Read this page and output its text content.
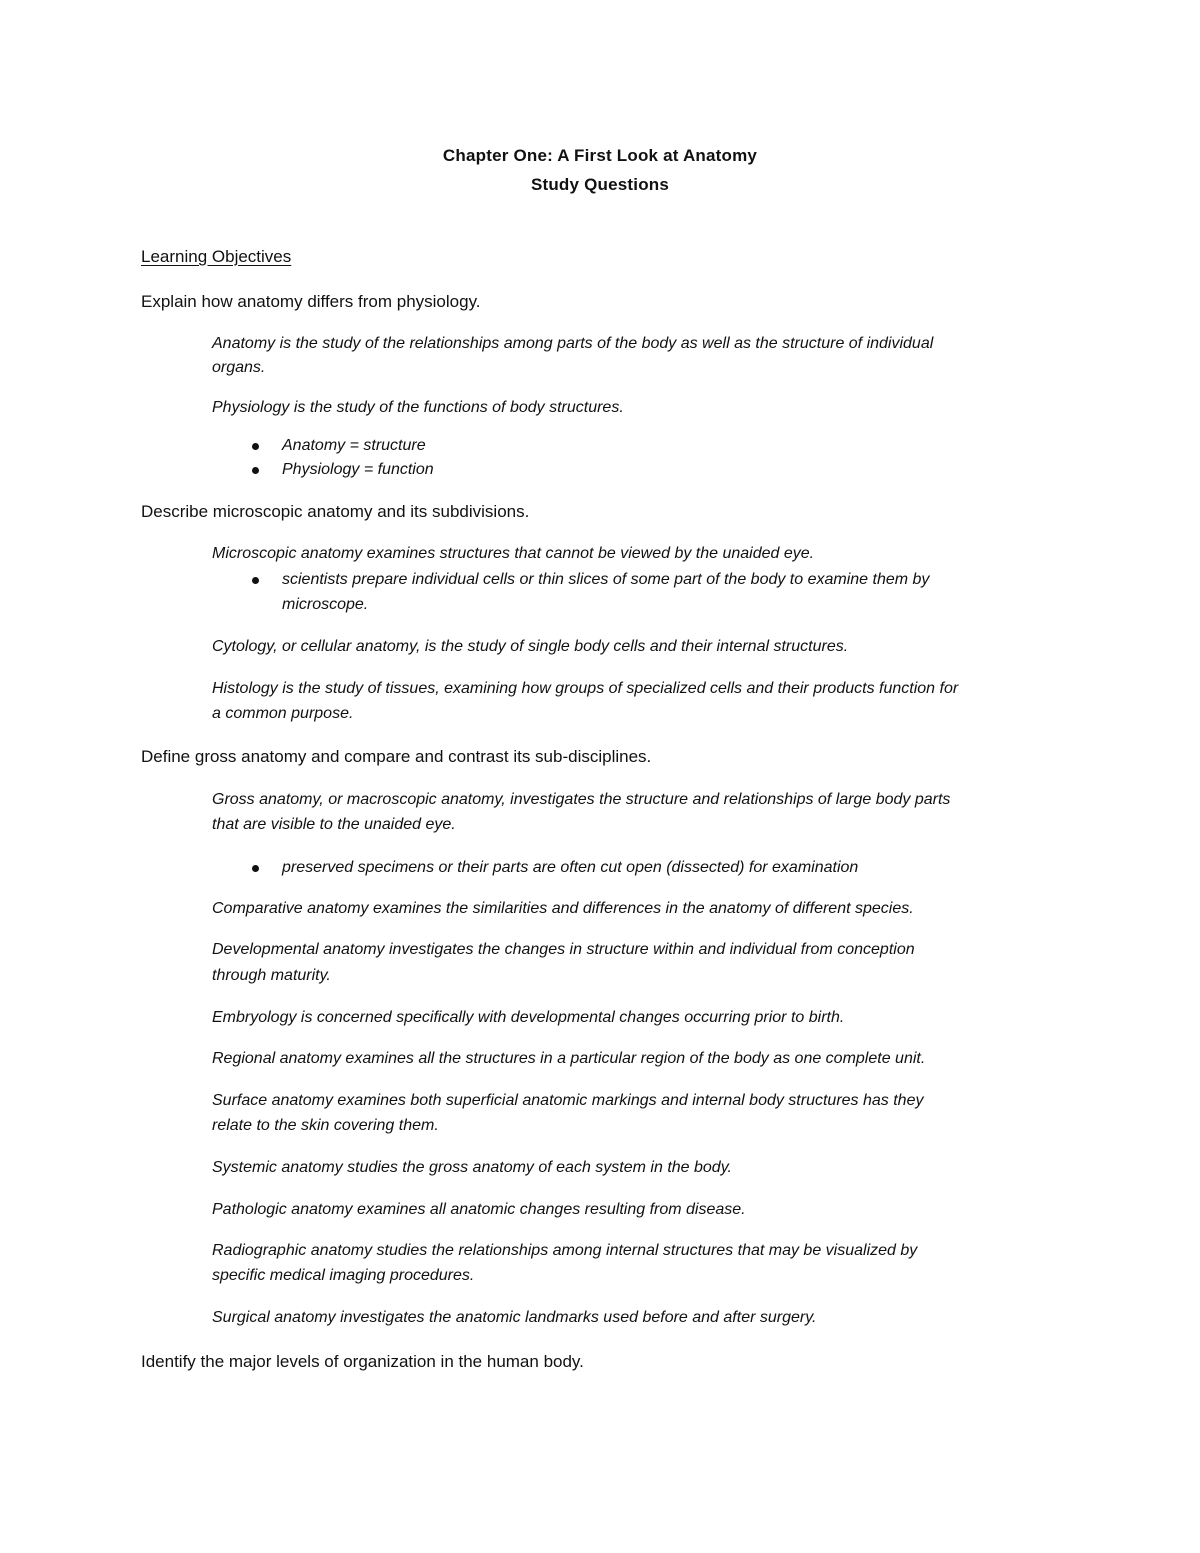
Chapter One: A First Look at Anatomy

Study Questions

Learning Objectives

Explain how anatomy differs from physiology.

Anatomy is the study of the relationships among parts of the body as well as the structure of individual

organs.

Physiology is the study of the functions of body structures.

Anatomy = structure

Physiology = function

Describe microscopic anatomy and its subdivisions.

Microscopic anatomy examines structures that cannot be viewed by the unaided eye.

scientists prepare individual cells or thin slices of some part of the body to examine them by

microscope.

Cytology, or cellular anatomy, is the study of single body cells and their internal structures.

Histology is the study of tissues, examining how groups of specialized cells and their products function for

a common purpose.

Define gross anatomy and compare and contrast its sub-disciplines.

Gross anatomy, or macroscopic anatomy, investigates the structure and relationships of large body parts

that are visible to the unaided eye.

preserved specimens or their parts are often cut open (dissected) for examination

Comparative anatomy examines the similarities and differences in the anatomy of different species.

Developmental anatomy investigates the changes in structure within and individual from conception

through maturity.

Embryology is concerned specifically with developmental changes occurring prior to birth.

Regional anatomy examines all the structures in a particular region of the body as one complete unit.

Surface anatomy examines both superficial anatomic markings and internal body structures has they

relate to the skin covering them.

Systemic anatomy studies the gross anatomy of each system in the body.

Pathologic anatomy examines all anatomic changes resulting from disease.

Radiographic anatomy studies the relationships among internal structures that may be visualized by

specific medical imaging procedures.

Surgical anatomy investigates the anatomic landmarks used before and after surgery.

Identify the major levels of organization in the human body.
